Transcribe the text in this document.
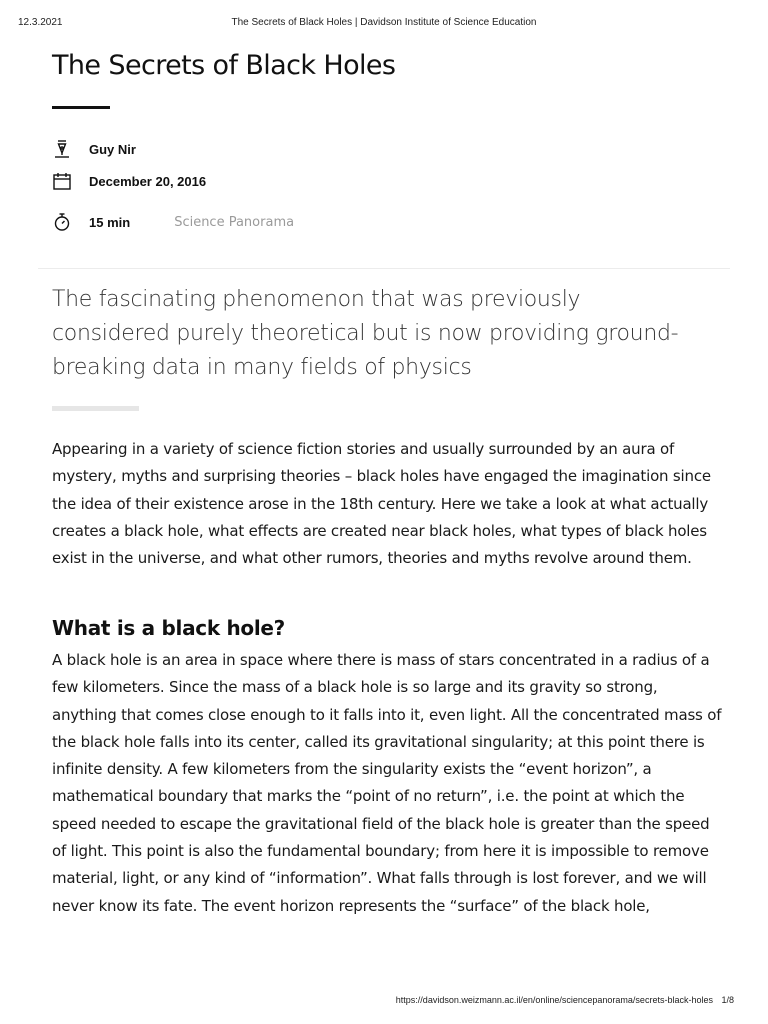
12.3.2021	The Secrets of Black Holes | Davidson Institute of Science Education
The Secrets of Black Holes
Guy Nir
December 20, 2016
15 min	Science Panorama

The fascinating phenomenon that was previously considered purely theoretical but is now providing ground-breaking data in many fields of physics

Appearing in a variety of science fiction stories and usually surrounded by an aura of mystery, myths and surprising theories – black holes have engaged the imagination since the idea of their existence arose in the 18th century. Here we take a look at what actually creates a black hole, what effects are created near black holes, what types of black holes exist in the universe, and what other rumors, theories and myths revolve around them.

What is a black hole?

A black hole is an area in space where there is mass of stars concentrated in a radius of a few kilometers. Since the mass of a black hole is so large and its gravity so strong, anything that comes close enough to it falls into it, even light. All the concentrated mass of the black hole falls into its center, called its gravitational singularity; at this point there is infinite density. A few kilometers from the singularity exists the “event horizon”, a mathematical boundary that marks the “point of no return”, i.e. the point at which the speed needed to escape the gravitational field of the black hole is greater than the speed of light. This point is also the fundamental boundary; from here it is impossible to remove material, light, or any kind of “information”. What falls through is lost forever, and we will never know its fate. The event horizon represents the “surface” of the black hole,

https://davidson.weizmann.ac.il/en/online/sciencepanorama/secrets-black-holes 1/8
